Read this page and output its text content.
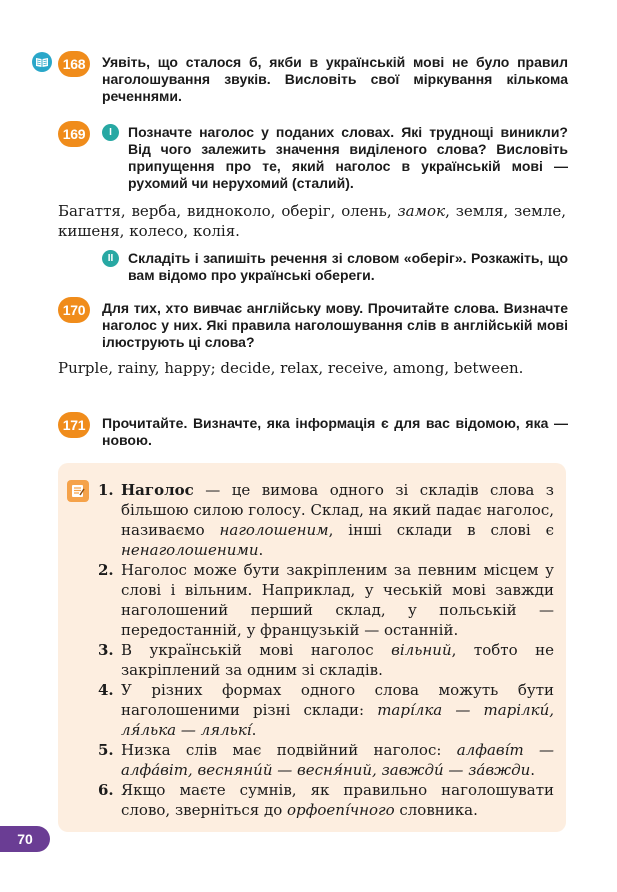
168	Уявіть, що сталося б, якби в українській мові не було правил наголошування звуків. Висловіть свої міркування кількома реченнями.
169	I	Позначте наголос у поданих словах. Які труднощі виникли? Від чого залежить значення виділеного слова? Висловіть припущення про те, який наголос в українській мові — рухомий чи нерухомий (сталий).
Багаття, верба, видноколо, оберіг, олень, замок, земля, земле, кишеня, колесо, колія.
II	Складіть і запишіть речення зі словом «оберіг». Розкажіть, що вам відомо про українські обереги.
170	Для тих, хто вивчає англійську мову. Прочитайте слова. Визначте наголос у них. Які правила наголошування слів в англійській мові ілюструють ці слова?
Purple, rainy, happy; decide, relax, receive, among, between.
171	Прочитайте. Визначте, яка інформація є для вас відомою, яка — новою.
1. Наголос — це вимова одного зі складів слова з більшою силою голосу. Склад, на який падає наголос, називаємо наголошеним, інші склади в слові є ненаголошеними.
2. Наголос може бути закріпленим за певним місцем у слові і вільним. Наприклад, у чеській мові завжди наголошений перший склад, у польській — передостанній, у французькій — останній.
3. В українській мові наголос вільний, тобто не закріплений за одним зі складів.
4. У різних формах одного слова можуть бути наголошеними різні склади: тарі́лка — тарілки́, ля́лька — лялькі́.
5. Низка слів має подвійний наголос: алфаві́т — алфа́віт, весняни́й — весня́ний, завжди́ — за́вжди.
6. Якщо маєте сумнів, як правильно наголошувати слово, зверніться до орфоепі́чного словника.
70
